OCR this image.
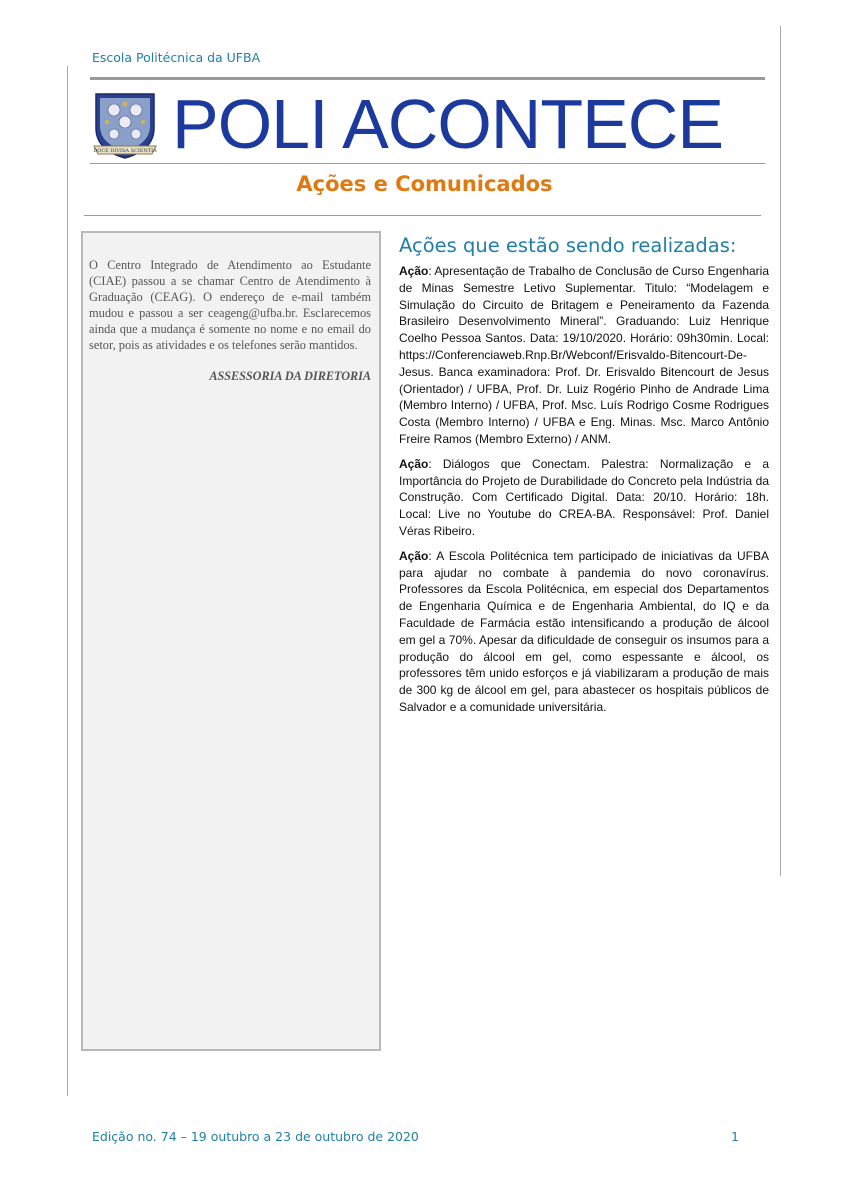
Escola Politécnica da UFBA
DOCE DIVISA SCIENTIA POLI ACONTECE
Ações e Comunicados

O Centro Integrado de Atendimento ao Estudante (CIAE) passou a se chamar Centro de Atendimento à Graduação (CEAG). O endereço de e-mail também mudou e passou a ser ceageng@ufba.br. Esclarecemos ainda que a mudança é somente no nome e no email do setor, pois as atividades e os telefones serão mantidos.

ASSESSORIA DA DIRETORIA
Ações que estão sendo realizadas:

Ação: Apresentação de Trabalho de Conclusão de Curso Engenharia de Minas Semestre Letivo Suplementar. Titulo: “Modelagem e Simulação do Circuito de Britagem e Peneiramento da Fazenda Brasileiro Desenvolvimento Mineral”. Graduando: Luiz Henrique Coelho Pessoa Santos. Data: 19/10/2020. Horário: 09h30min. Local: https://Conferenciaweb.Rnp.Br/Webconf/Erisvaldo-Bitencourt-De-Jesus. Banca examinadora: Prof. Dr. Erisvaldo Bitencourt de Jesus (Orientador) / UFBA, Prof. Dr. Luiz Rogério Pinho de Andrade Lima (Membro Interno) / UFBA, Prof. Msc. Luís Rodrigo Cosme Rodrigues Costa (Membro Interno) / UFBA e Eng. Minas. Msc. Marco Antônio Freire Ramos (Membro Externo) / ANM.

Ação: Diálogos que Conectam. Palestra: Normalização e a Importância do Projeto de Durabilidade do Concreto pela Indústria da Construção. Com Certificado Digital. Data: 20/10. Horário: 18h. Local: Live no Youtube do CREA-BA. Responsável: Prof. Daniel Véras Ribeiro.

Ação: A Escola Politécnica tem participado de iniciativas da UFBA para ajudar no combate à pandemia do novo coronavírus. Professores da Escola Politécnica, em especial dos Departamentos de Engenharia Química e de Engenharia Ambiental, do IQ e da Faculdade de Farmácia estão intensificando a produção de álcool em gel a 70%. Apesar da dificuldade de conseguir os insumos para a produção do álcool em gel, como espessante e álcool, os professores têm unido esforços e já viabilizaram a produção de mais de 300 kg de álcool em gel, para abastecer os hospitais públicos de Salvador e a comunidade universitária.

Edição no. 74 – 19 outubro a 23 de outubro de 2020	1
